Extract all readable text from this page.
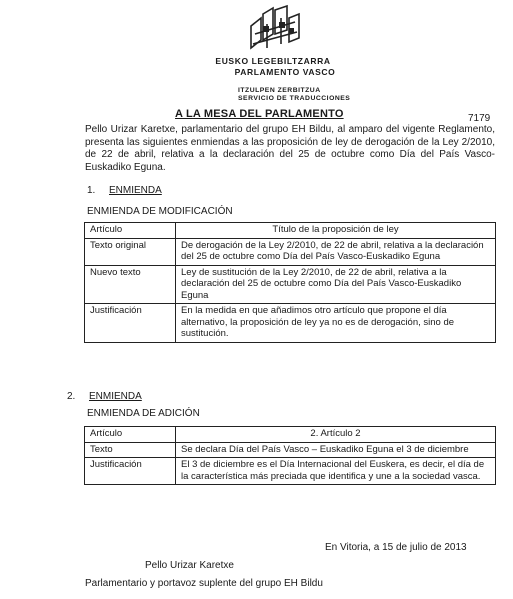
EUSKO LEGEBILTZARRA
PARLAMENTO VASCO
ITZULPEN ZERBITZUA
SERVICIO DE TRADUCCIONES
A LA MESA DEL PARLAMENTO	7179
Pello Urizar Karetxe, parlamentario del grupo EH Bildu, al amparo del vigente Reglamento, presenta las siguientes enmiendas a las proposición de ley de derogación de la Ley 2/2010, de 22 de abril, relativa a la declaración del 25 de octubre como Día del País Vasco-Euskadiko Eguna.
1. ENMIENDA
ENMIENDA DE MODIFICACIÓN
Artículo	Título de la proposición de ley
Texto original	De derogación de la Ley 2/2010, de 22 de abril, relativa a la declaración del 25 de octubre como Día del País Vasco-Euskadiko Eguna
Nuevo texto	Ley de sustitución de la Ley 2/2010, de 22 de abril, relativa a la declaración del 25 de octubre como Día del País Vasco-Euskadiko Eguna
Justificación	En la medida en que añadimos otro artículo que propone el día alternativo, la proposición de ley ya no es de derogación, sino de sustitución.
2. ENMIENDA
ENMIENDA DE ADICIÓN
Artículo	2. Artículo 2
Texto	Se declara Día del País Vasco – Euskadiko Eguna el 3 de diciembre
Justificación	El 3 de diciembre es el Día Internacional del Euskera, es decir, el día de la característica más preciada que identifica y une a la sociedad vasca.
En Vitoria, a 15 de julio de 2013
Pello Urizar Karetxe
Parlamentario y portavoz suplente del grupo EH Bildu
